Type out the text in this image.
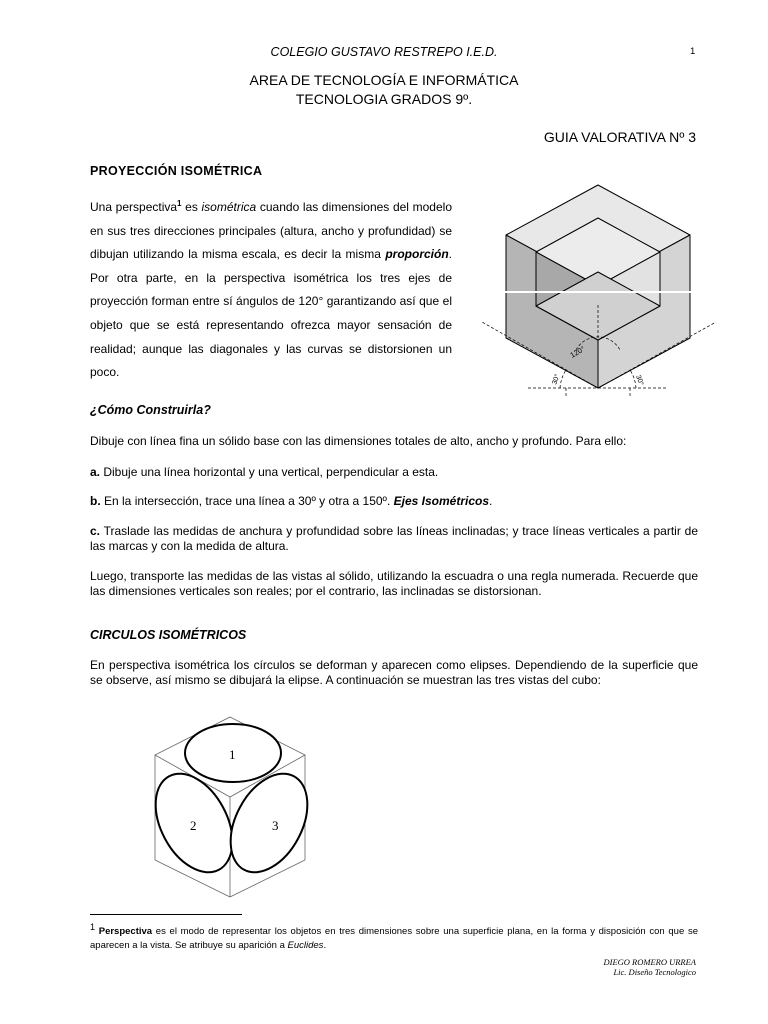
COLEGIO GUSTAVO RESTREPO I.E.D.	1
AREA DE TECNOLOGÍA E INFORMÁTICA
TECNOLOGIA GRADOS 9º.
GUIA VALORATIVA Nº 3
PROYECCIÓN ISOMÉTRICA
Una perspectiva$^1$ es isométrica cuando las dimensiones del modelo en sus tres direcciones principales (altura, ancho y profundidad) se dibujan utilizando la misma escala, es decir la misma proporción. Por otra parte, en la perspectiva isométrica los tres ejes de proyección forman entre sí ángulos de 120° garantizando así que el objeto que se está representando ofrezca mayor sensación de realidad; aunque las diagonales y las curvas se distorsionen un poco.
120°
30°	30°
¿Cómo Construirla?
Dibuje con línea fina un sólido base con las dimensiones totales de alto, ancho y profundo. Para ello:
a. Dibuje una línea horizontal y una vertical, perpendicular a esta.
b. En la intersección, trace una línea a 30º y otra a 150º. Ejes Isométricos.
c. Traslade las medidas de anchura y profundidad sobre las líneas inclinadas; y trace líneas verticales a partir de las marcas y con la medida de altura.
Luego, transporte las medidas de las vistas al sólido, utilizando la escuadra o una regla numerada. Recuerde que las dimensiones verticales son reales; por el contrario, las inclinadas se distorsionan.
CIRCULOS ISOMÉTRICOS
En perspectiva isométrica los círculos se deforman y aparecen como elipses. Dependiendo de la superficie que se observe, así mismo se dibujará la elipse. A continuación se muestran las tres vistas del cubo:
1
2	3
$^1$ Perspectiva es el modo de representar los objetos en tres dimensiones sobre una superficie plana, en la forma y disposición con que se aparecen a la vista. Se atribuye su aparición a Euclides.
DIEGO ROMERO URREA
Lic. Diseño Tecnologico
